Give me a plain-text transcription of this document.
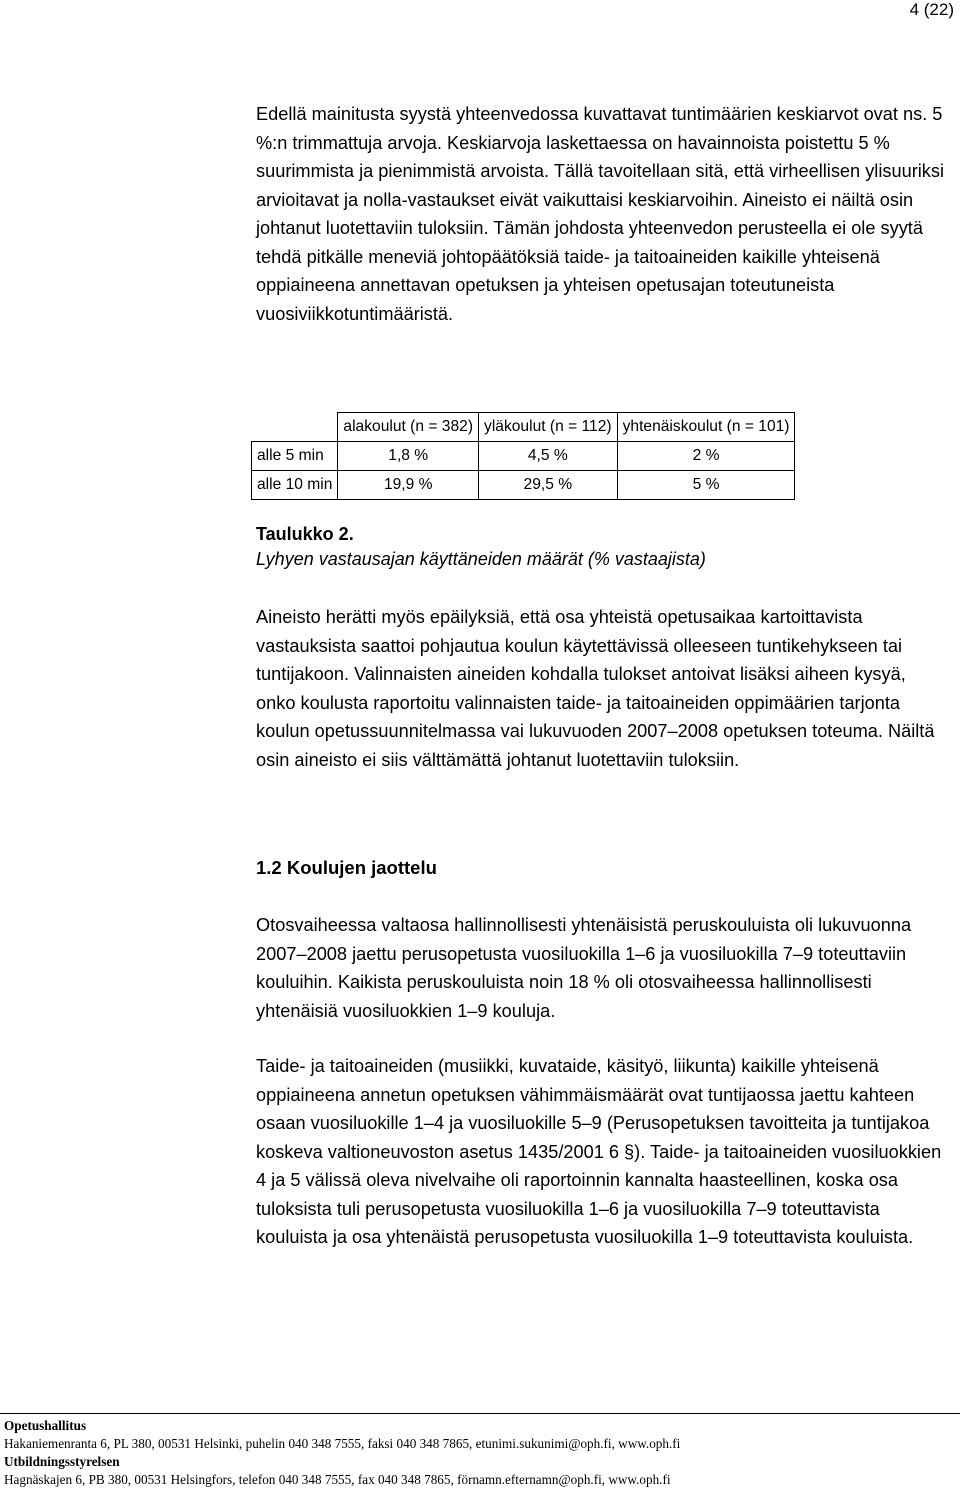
4 (22)

Edellä mainitusta syystä yhteenvedossa kuvattavat tuntimäärien keskiarvot ovat ns. 5 %:n trimmattuja arvoja. Keskiarvoja laskettaessa on havainnoista poistettu 5 % suurimmista ja pienimmistä arvoista. Tällä tavoitellaan sitä, että virheellisen ylisuuriksi arvioitavat ja nolla-vastaukset eivät vaikuttaisi keskiarvoihin. Aineisto ei näiltä osin johtanut luotettaviin tuloksiin. Tämän johdosta yhteenvedon perusteella ei ole syytä tehdä pitkälle meneviä johtopäätöksiä taide- ja taitoaineiden kaikille yhteisenä oppiaineena annettavan opetuksen ja yhteisen opetusajan toteutuneista vuosiviikkotuntimääristä.

	alakoulut (n = 382)	yläkoulut (n = 112)	yhtenäiskoulut (n = 101)
alle 5 min	1,8 %	4,5 %	2 %
alle 10 min	19,9 %	29,5 %	5 %

Taulukko 2.

Lyhyen vastausajan käyttäneiden määrät (% vastaajista)

Aineisto herätti myös epäilyksiä, että osa yhteistä opetusaikaa kartoittavista vastauksista saattoi pohjautua koulun käytettävissä olleeseen tuntikehykseen tai tuntijakoon. Valinnaisten aineiden kohdalla tulokset antoivat lisäksi aiheen kysyä, onko koulusta raportoitu valinnaisten taide- ja taitoaineiden oppimäärien tarjonta koulun opetussuunnitelmassa vai lukuvuoden 2007–2008 opetuksen toteuma. Näiltä osin aineisto ei siis välttämättä johtanut luotettaviin tuloksiin.

1.2 Koulujen jaottelu

Otosvaiheessa valtaosa hallinnollisesti yhtenäisistä peruskouluista oli lukuvuonna 2007–2008 jaettu perusopetusta vuosiluokilla 1–6 ja vuosiluokilla 7–9 toteuttaviin kouluihin. Kaikista peruskouluista noin 18 % oli otosvaiheessa hallinnollisesti yhtenäisiä vuosiluokkien 1–9 kouluja.

Taide- ja taitoaineiden (musiikki, kuvataide, käsityö, liikunta) kaikille yhteisenä oppiaineena annetun opetuksen vähimmäismäärät ovat tuntijaossa jaettu kahteen osaan vuosiluokille 1–4 ja vuosiluokille 5–9 (Perusopetuksen tavoitteita ja tuntijakoa koskeva valtioneuvoston asetus 1435/2001 6 §). Taide- ja taitoaineiden vuosiluokkien 4 ja 5 välissä oleva nivelvaihe oli raportoinnin kannalta haasteellinen, koska osa tuloksista tuli perusopetusta vuosiluokilla 1–6 ja vuosiluokilla 7–9 toteuttavista kouluista ja osa yhtenäistä perusopetusta vuosiluokilla 1–9 toteuttavista kouluista.

Opetushallitus
Hakaniemenranta 6, PL 380, 00531 Helsinki, puhelin 040 348 7555, faksi 040 348 7865, etunimi.sukunimi@oph.fi, www.oph.fi
Utbildningsstyrelsen
Hagnäskajen 6, PB 380, 00531 Helsingfors, telefon 040 348 7555, fax 040 348 7865, förnamn.efternamn@oph.fi, www.oph.fi
